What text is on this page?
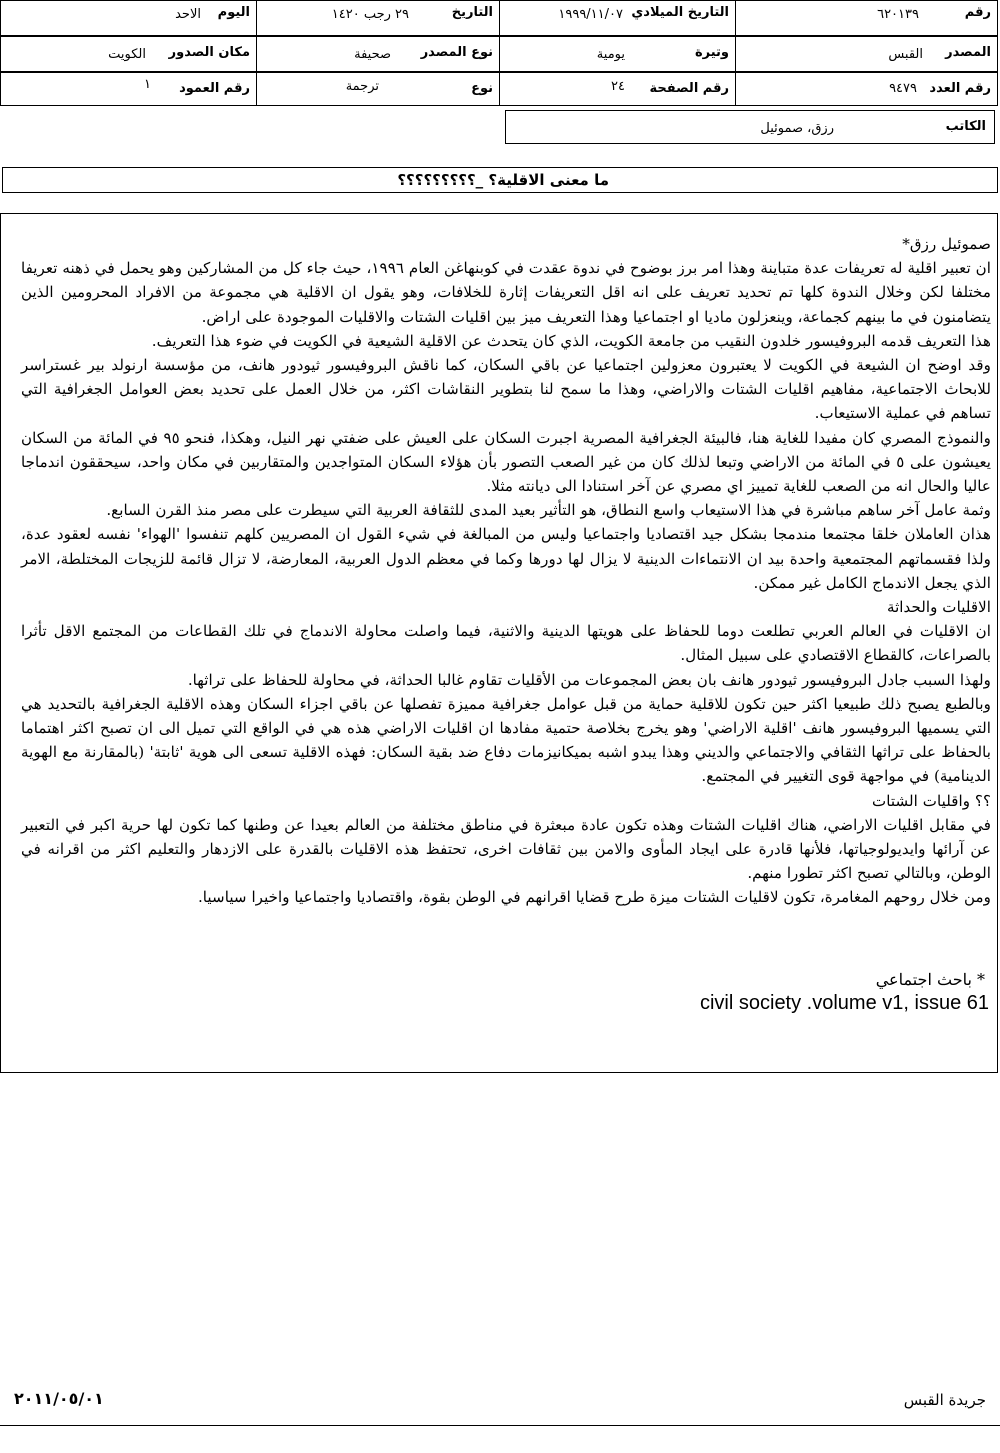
رقم
٦٢٠١٣٩
التاريخ الميلادي
١٩٩٩/١١/٠٧
التاريخ
٢٩ رجب ١٤٢٠
اليوم
الاحد
المصدر
القبس
وتيرة
يومية
نوع المصدر
صحيفة
مكان الصدور
الكويت
رقم العدد
٩٤٧٩
رقم الصفحة
٢٤
نوع
ترجمة
رقم العمود
١
الكاتب
رزق، صموئيل
ما معنى الاقلية؟ _؟؟؟؟؟؟؟؟؟

صموئيل رزق*

ان تعبير اقلية له تعريفات عدة متباينة وهذا امر برز بوضوح في ندوة عقدت في كوبنهاغن العام ١٩٩٦، حيث جاء كل من المشاركين وهو يحمل في ذهنه تعريفا مختلفا لكن وخلال الندوة كلها تم تحديد تعريف على انه اقل التعريفات إثارة للخلافات، وهو يقول ان الاقلية هي مجموعة من الافراد المحرومين الذين يتضامنون في ما بينهم كجماعة، وينعزلون ماديا او اجتماعيا وهذا التعريف ميز بين اقليات الشتات والاقليات الموجودة على اراض.

هذا التعريف قدمه البروفيسور خلدون النقيب من جامعة الكويت، الذي كان يتحدث عن الاقلية الشيعية في الكويت في ضوء هذا التعريف.

وقد اوضح ان الشيعة في الكويت لا يعتبرون معزولين اجتماعيا عن باقي السكان، كما ناقش البروفيسور ثيودور هانف، من مؤسسة ارنولد بير غستراسر للابحاث الاجتماعية، مفاهيم اقليات الشتات والاراضي، وهذا ما سمح لنا بتطوير النقاشات اكثر، من خلال العمل على تحديد بعض العوامل الجغرافية التي تساهم في عملية الاستيعاب.

والنموذج المصري كان مفيدا للغاية هنا، فالبيئة الجغرافية المصرية اجبرت السكان على العيش على ضفتي نهر النيل، وهكذا، فنحو ٩٥ في المائة من السكان يعيشون على ٥ في المائة من الاراضي وتبعا لذلك كان من غير الصعب التصور بأن هؤلاء السكان المتواجدين والمتقاربين في مكان واحد، سيحققون اندماجا عاليا والحال انه من الصعب للغاية تمييز اي مصري عن آخر استنادا الى ديانته مثلا.

وثمة عامل آخر ساهم مباشرة في هذا الاستيعاب واسع النطاق، هو التأثير بعيد المدى للثقافة العربية التي سيطرت على مصر منذ القرن السابع.

هذان العاملان خلقا مجتمعا مندمجا بشكل جيد اقتصاديا واجتماعيا وليس من المبالغة في شيء القول ان المصريين كلهم تنفسوا 'الهواء' نفسه لعقود عدة، ولذا فقسماتهم المجتمعية واحدة بيد ان الانتماءات الدينية لا يزال لها دورها وكما في معظم الدول العربية، المعارضة، لا تزال قائمة للزيجات المختلطة، الامر الذي يجعل الاندماج الكامل غير ممكن.

الاقليات والحداثة

ان الاقليات في العالم العربي تطلعت دوما للحفاظ على هويتها الدينية والاثنية، فيما واصلت محاولة الاندماج في تلك القطاعات من المجتمع الاقل تأثرا بالصراعات، كالقطاع الاقتصادي على سبيل المثال.

ولهذا السبب جادل البروفيسور ثيودور هانف بان بعض المجموعات من الأقليات تقاوم غالبا الحداثة، في محاولة للحفاظ على تراثها.

وبالطبع يصبح ذلك طبيعيا اكثر حين تكون للاقلية حماية من قبل عوامل جغرافية مميزة تفصلها عن باقي اجزاء السكان وهذه الاقلية الجغرافية بالتحديد هي التي يسميها البروفيسور هانف 'اقلية الاراضي' وهو يخرج بخلاصة حتمية مفادها ان اقليات الاراضي هذه هي في الواقع التي تميل الى ان تصبح اكثر اهتماما بالحفاظ على تراثها الثقافي والاجتماعي والديني وهذا يبدو اشبه بميكانيزمات دفاع ضد بقية السكان: فهذه الاقلية تسعى الى هوية 'ثابتة' (بالمقارنة مع الهوية الدينامية) في مواجهة قوى التغيير في المجتمع.

؟؟ واقليات الشتات

في مقابل اقليات الاراضي، هناك اقليات الشتات وهذه تكون عادة مبعثرة في مناطق مختلفة من العالم بعيدا عن وطنها كما تكون لها حرية اكبر في التعبير عن آرائها وايديولوجياتها، فلأنها قادرة على ايجاد المأوى والامن بين ثقافات اخرى، تحتفظ هذه الاقليات بالقدرة على الازدهار والتعليم اكثر من اقرانه في الوطن، وبالتالي تصبح اكثر تطورا منهم.

ومن خلال روحهم المغامرة، تكون لاقليات الشتات ميزة طرح قضايا اقرانهم في الوطن بقوة، واقتصاديا واجتماعيا واخيرا سياسيا.

* باحث اجتماعي
civil society .volume v1, issue 61
٢٠١١/٠٥/٠١	جريدة القبس
